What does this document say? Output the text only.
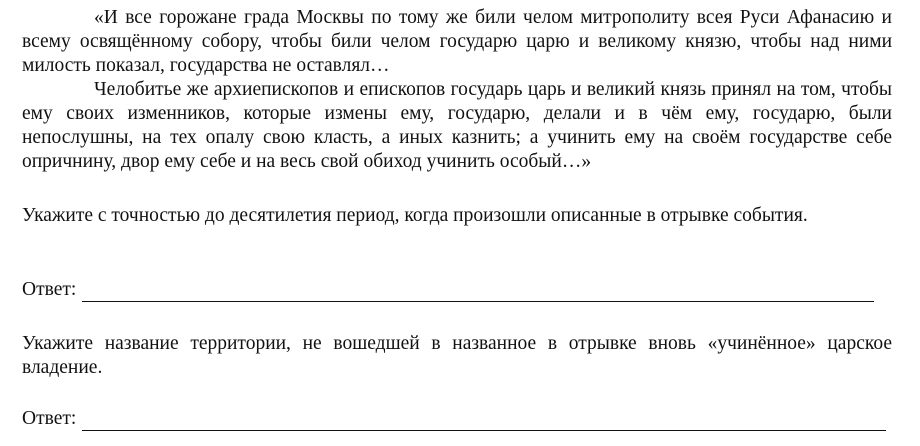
«И все горожане града Москвы по тому же били челом митрополиту всея Руси Афанасию и всему освящённому собору, чтобы били челом государю царю и великому князю, чтобы над ними милость показал, государства не оставлял…

Челобитье же архиепископов и епископов государь царь и великий князь принял на том, чтобы ему своих изменников, которые измены ему, государю, делали и в чём ему, государю, были непослушны, на тех опалу свою класть, а иных казнить; а учинить ему на своём государстве себе опричнину, двор ему себе и на весь свой обиход учинить особый…»

Укажите с точностью до десятилетия период, когда произошли описанные в отрывке события.
Ответ:
Укажите название территории, не вошедшей в названное в отрывке вновь «учинённое» царское владение.
Ответ:
